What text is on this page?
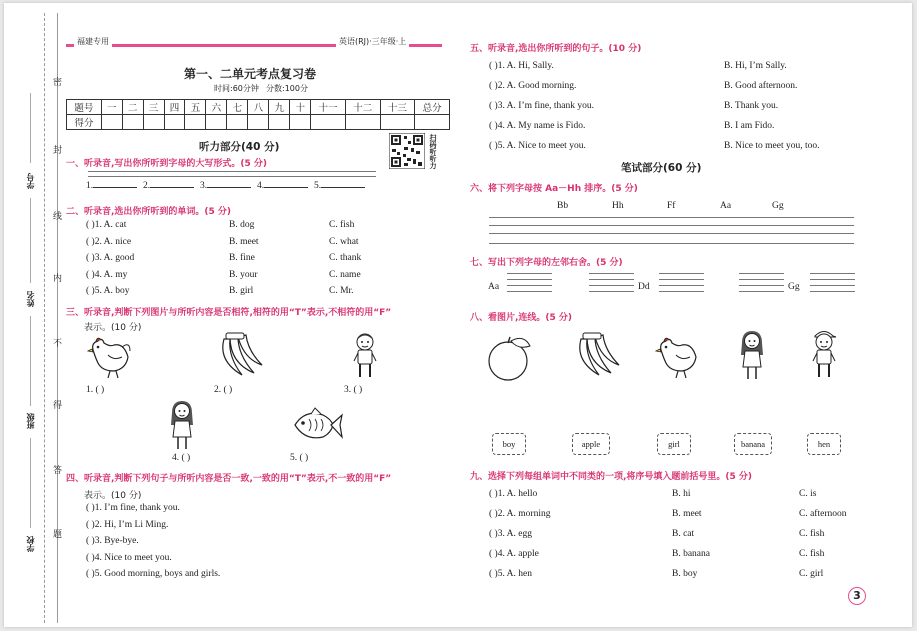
密
封
线
内
不
得
答
题
学号
姓名
班级
学校
福建专用	英语(RJ)·三年级·上
第一、二单元考点复习卷
时间:60分钟 分数:100分
题号	一	二	三	四	五	六	七	八	九	十	十一	十二	十三	总分
得分														
扫码听听力
听力部分(40 分)
一、听录音,写出你所听到字母的大写形式。(5 分)
1.	2.	3.	4.	5.
二、听录音,选出你所听到的单词。(5 分)
三、听录音,判断下列图片与所听内容是否相符,相符的用“T”表示,不相符的用“F”
表示。(10 分)
1. ( )	2. ( )	3. ( )
4. ( )	5. ( )
四、听录音,判断下列句子与所听内容是否一致,一致的用“T”表示,不一致的用“F”
表示。(10 分)
五、听录音,选出你所听到的句子。(10 分)
笔试部分(60 分)
六、将下列字母按 Aa－Hh 排序。(5 分)
七、写出下列字母的左邻右舍。(5 分)
八、看图片,连线。(5 分)
九、选择下列每组单词中不同类的一项,将序号填入题前括号里。(5 分)
3
( )1. A. cat	B. dog	C. fish
( )2. A. nice	B. meet	C. what
( )3. A. good	B. fine	C. thank
( )4. A. my	B. your	C. name
( )5. A. boy	B. girl	C. Mr.
( )1. I’m fine, thank you.
( )2. Hi, I’m Li Ming.
( )3. Bye-bye.
( )4. Nice to meet you.
( )5. Good morning, boys and girls.
( )1. A. Hi, Sally.	B. Hi, I’m Sally.
( )2. A. Good morning.	B. Good afternoon.
( )3. A. I’m fine, thank you.	B. Thank you.
( )4. A. My name is Fido.	B. I am Fido.
( )5. A. Nice to meet you.	B. Nice to meet you, too.
Bb	Hh	Ff	Aa	Gg
Aa	Dd	Gg
boy	apple	girl	banana	hen
( )1. A. hello	B. hi	C. is
( )2. A. morning	B. meet	C. afternoon
( )3. A. egg	B. cat	C. fish
( )4. A. apple	B. banana	C. fish
( )5. A. hen	B. boy	C. girl
